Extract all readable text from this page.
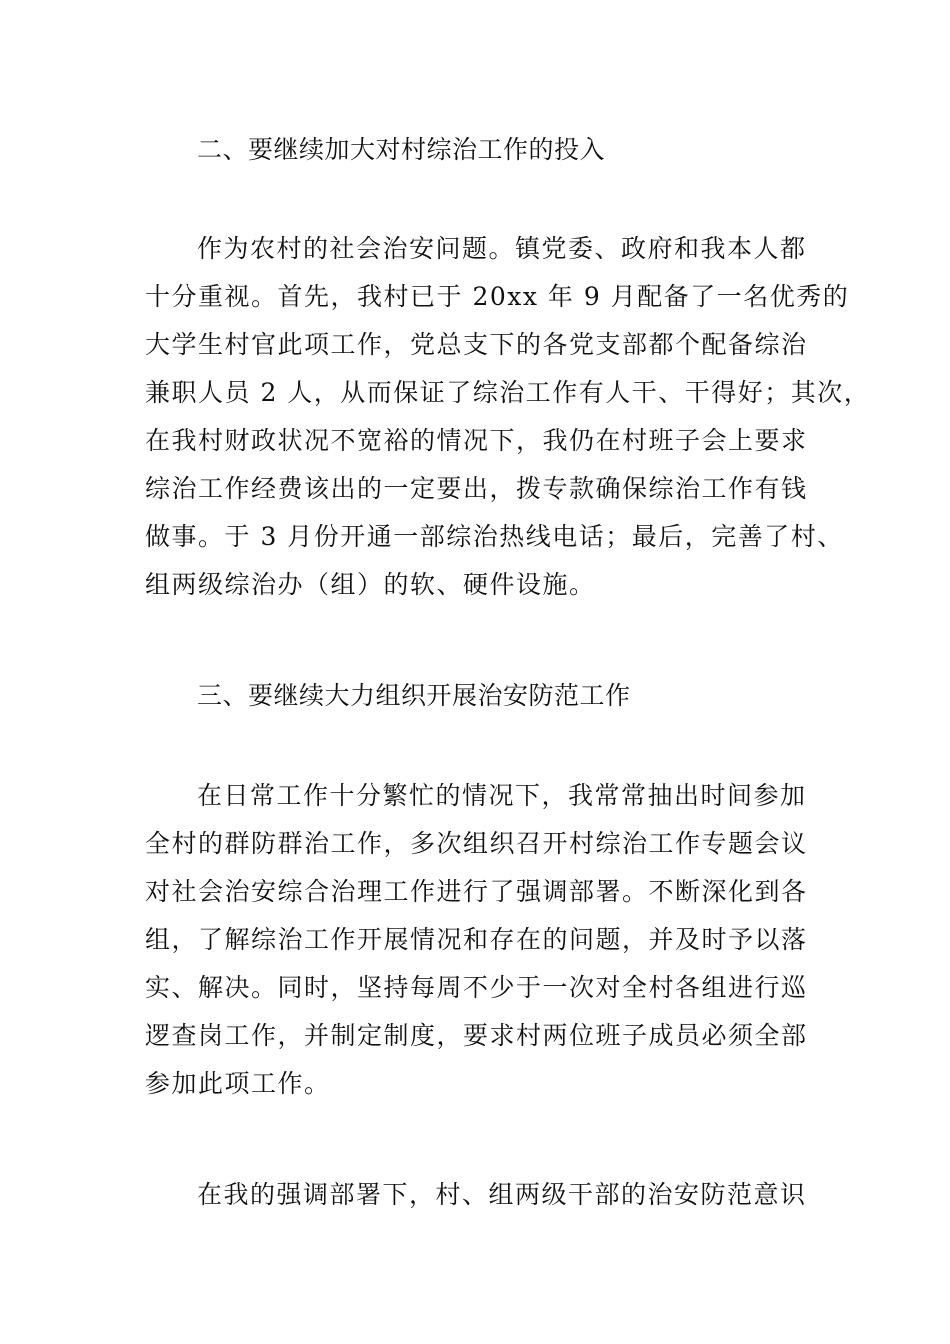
二、要继续加大对村综治工作的投入
作为农村的社会治安问题。镇党委、政府和我本人都
十分重视。首先，我村已于 20xx 年 9 月配备了一名优秀的
大学生村官此项工作，党总支下的各党支部都个配备综治
兼职人员 2 人，从而保证了综治工作有人干、干得好；其次，
在我村财政状况不宽裕的情况下，我仍在村班子会上要求
综治工作经费该出的一定要出，拨专款确保综治工作有钱
做事。于 3 月份开通一部综治热线电话；最后，完善了村、
组两级综治办（组）的软、硬件设施。
三、要继续大力组织开展治安防范工作
在日常工作十分繁忙的情况下，我常常抽出时间参加
全村的群防群治工作，多次组织召开村综治工作专题会议
对社会治安综合治理工作进行了强调部署。不断深化到各
组，了解综治工作开展情况和存在的问题，并及时予以落
实、解决。同时，坚持每周不少于一次对全村各组进行巡
逻查岗工作，并制定制度，要求村两位班子成员必须全部
参加此项工作。
在我的强调部署下，村、组两级干部的治安防范意识
